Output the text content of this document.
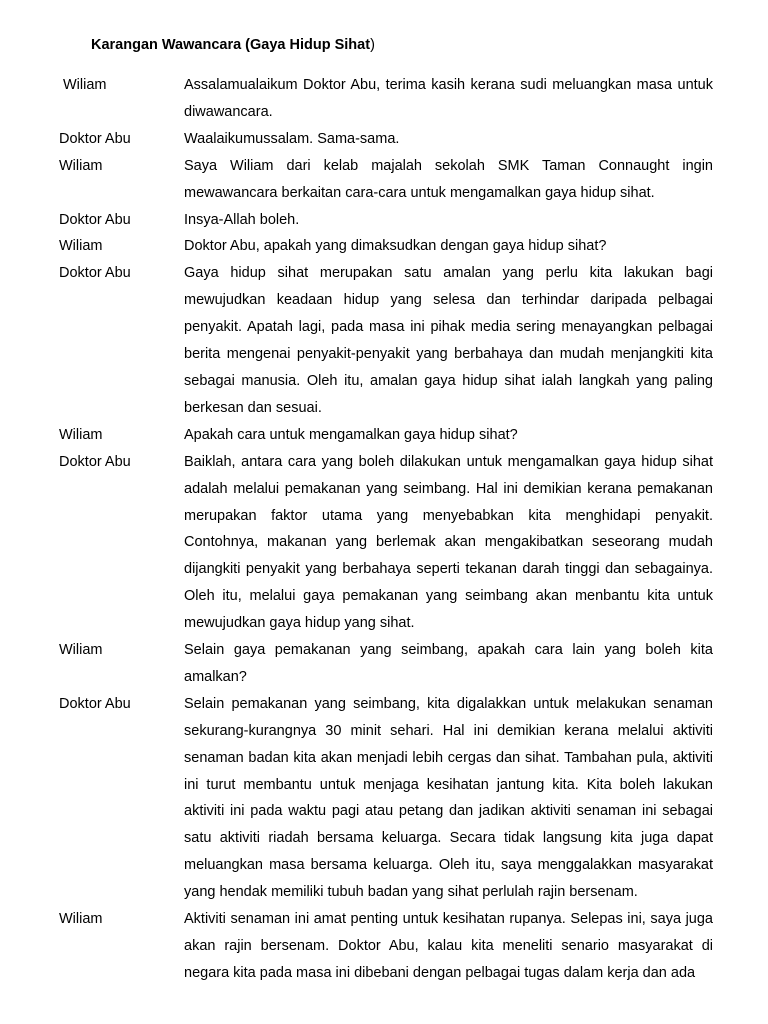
Karangan Wawancara (Gaya Hidup Sihat)
Wiliam	Assalamualaikum Doktor Abu, terima kasih kerana sudi meluangkan masa untuk diwawancara.
Doktor Abu	Waalaikumussalam. Sama-sama.
Wiliam	Saya Wiliam dari kelab majalah sekolah SMK Taman Connaught ingin mewawancara berkaitan cara-cara untuk mengamalkan gaya hidup sihat.
Doktor Abu	Insya-Allah boleh.
Wiliam	Doktor Abu, apakah yang dimaksudkan dengan gaya hidup sihat?
Doktor Abu	Gaya hidup sihat merupakan satu amalan yang perlu kita lakukan bagi mewujudkan keadaan hidup yang selesa dan terhindar daripada pelbagai penyakit. Apatah lagi, pada masa ini pihak media sering menayangkan pelbagai berita mengenai penyakit-penyakit yang berbahaya dan mudah menjangkiti kita sebagai manusia. Oleh itu, amalan gaya hidup sihat ialah langkah yang paling berkesan dan sesuai.
Wiliam	Apakah cara untuk mengamalkan gaya hidup sihat?
Doktor Abu	Baiklah, antara cara yang boleh dilakukan untuk mengamalkan gaya hidup sihat adalah melalui pemakanan yang seimbang. Hal ini demikian kerana pemakanan merupakan faktor utama yang menyebabkan kita menghidapi penyakit. Contohnya, makanan yang berlemak akan mengakibatkan seseorang mudah dijangkiti penyakit yang berbahaya seperti tekanan darah tinggi dan sebagainya. Oleh itu, melalui gaya pemakanan yang seimbang akan menbantu kita untuk mewujudkan gaya hidup yang sihat.
Wiliam	Selain gaya pemakanan yang seimbang, apakah cara lain yang boleh kita amalkan?
Doktor Abu	Selain pemakanan yang seimbang, kita digalakkan untuk melakukan senaman sekurang-kurangnya 30 minit sehari. Hal ini demikian kerana melalui aktiviti senaman badan kita akan menjadi lebih cergas dan sihat. Tambahan pula, aktiviti ini turut membantu untuk menjaga kesihatan jantung kita. Kita boleh lakukan aktiviti ini pada waktu pagi atau petang dan jadikan aktiviti senaman ini sebagai satu aktiviti riadah bersama keluarga. Secara tidak langsung kita juga dapat meluangkan masa bersama keluarga. Oleh itu, saya menggalakkan masyarakat yang hendak memiliki tubuh badan yang sihat perlulah rajin bersenam.
Wiliam	Aktiviti senaman ini amat penting untuk kesihatan rupanya. Selepas ini, saya juga akan rajin bersenam. Doktor Abu, kalau kita meneliti senario masyarakat di negara kita pada masa ini dibebani dengan pelbagai tugas dalam kerja dan ada
